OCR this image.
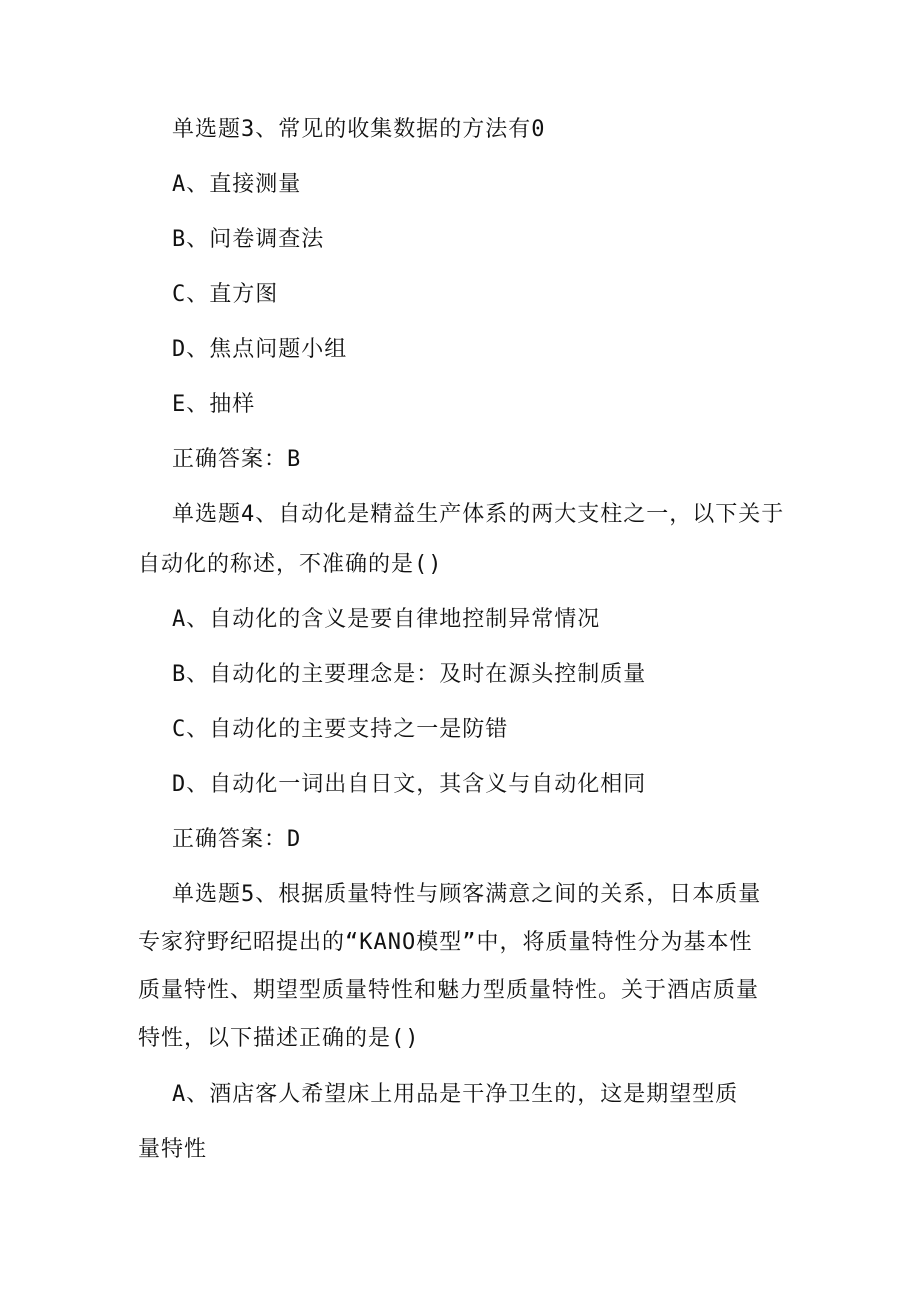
单选题3、常见的收集数据的方法有0
A、直接测量
B、问卷调查法
C、直方图
D、焦点问题小组
E、抽样
正确答案：B
单选题4、自动化是精益生产体系的两大支柱之一，以下关于
自动化的称述，不准确的是()
A、自动化的含义是要自律地控制异常情况
B、自动化的主要理念是：及时在源头控制质量
C、自动化的主要支持之一是防错
D、自动化一词出自日文，其含义与自动化相同
正确答案：D
单选题5、根据质量特性与顾客满意之间的关系，日本质量
专家狩野纪昭提出的“KANO模型”中，将质量特性分为基本性
质量特性、期望型质量特性和魅力型质量特性。关于酒店质量
特性，以下描述正确的是()
A、酒店客人希望床上用品是干净卫生的，这是期望型质
量特性
